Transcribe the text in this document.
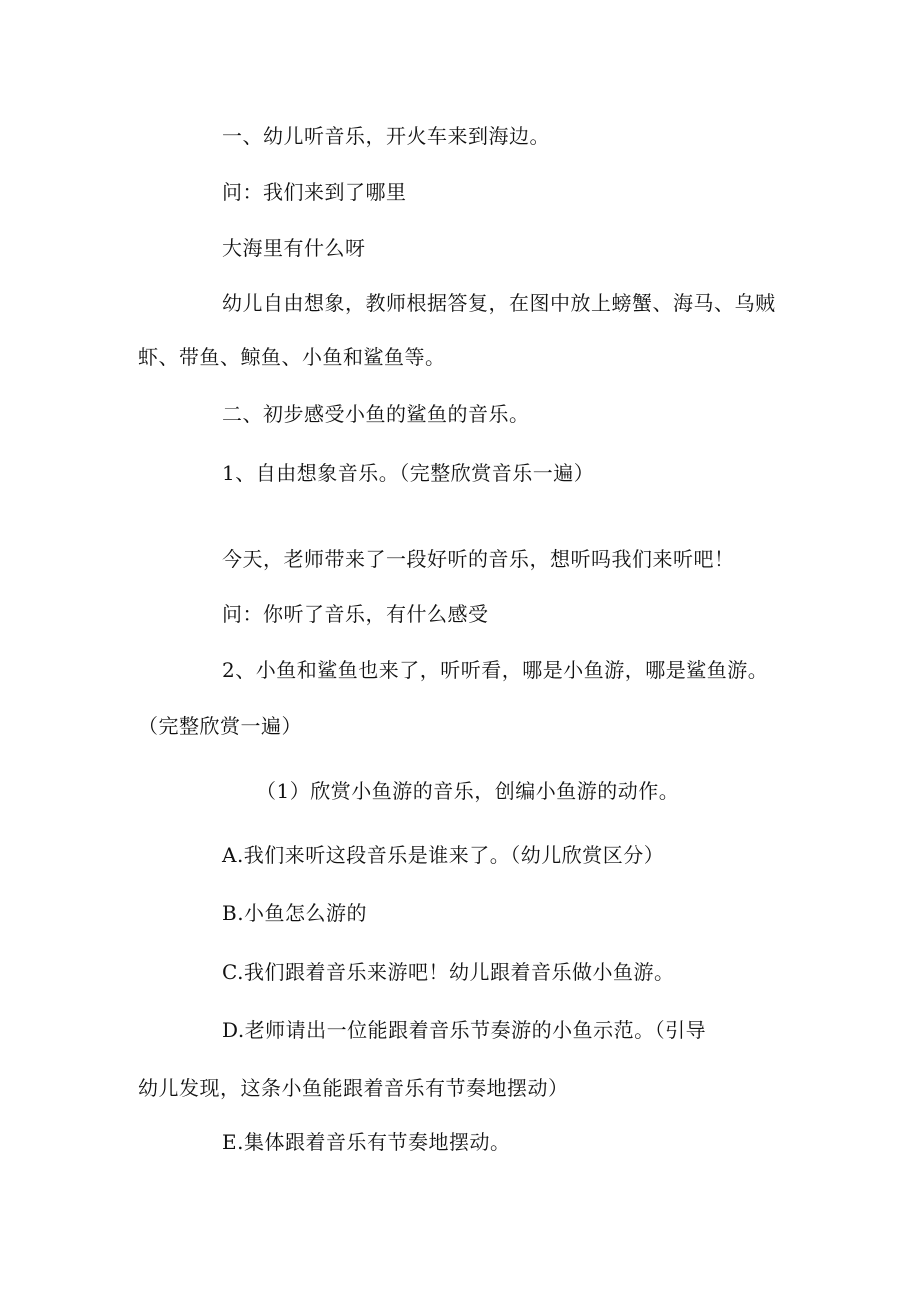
一、幼儿听音乐，开火车来到海边。
问：我们来到了哪里
大海里有什么呀
幼儿自由想象，教师根据答复，在图中放上螃蟹、海马、乌贼
虾、带鱼、鲸鱼、小鱼和鲨鱼等。
二、初步感受小鱼的鲨鱼的音乐。
1、自由想象音乐。（完整欣赏音乐一遍）
今天，老师带来了一段好听的音乐，想听吗我们来听吧！
问：你听了音乐，有什么感受
2、小鱼和鲨鱼也来了，听听看，哪是小鱼游，哪是鲨鱼游。
（完整欣赏一遍）
（1）欣赏小鱼游的音乐，创编小鱼游的动作。
A.我们来听这段音乐是谁来了。（幼儿欣赏区分）
B.小鱼怎么游的
C.我们跟着音乐来游吧！幼儿跟着音乐做小鱼游。
D.老师请出一位能跟着音乐节奏游的小鱼示范。（引导
幼儿发现，这条小鱼能跟着音乐有节奏地摆动）
E.集体跟着音乐有节奏地摆动。
